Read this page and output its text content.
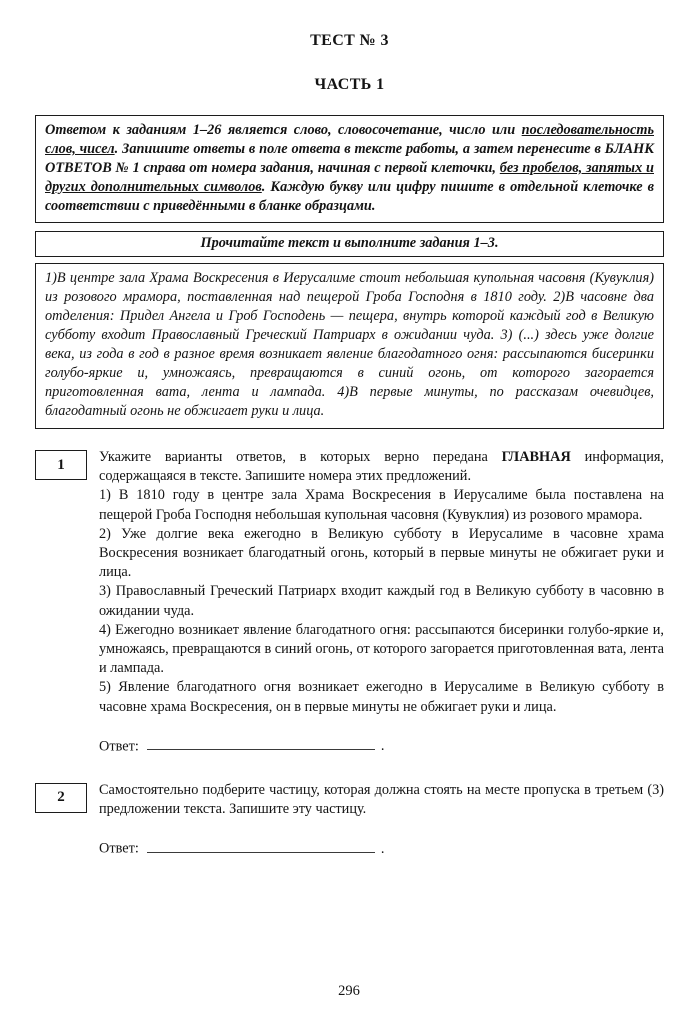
ТЕСТ № 3
ЧАСТЬ 1
Ответом к заданиям 1–26 является слово, словосочетание, число или последовательность слов, чисел. Запишите ответы в поле ответа в тексте работы, а затем перенесите в БЛАНК ОТВЕТОВ № 1 справа от номера задания, начиная с первой клеточки, без пробелов, запятых и других дополнительных символов. Каждую букву или цифру пишите в отдельной клеточке в соответствии с приведёнными в бланке образцами.
Прочитайте текст и выполните задания 1–3.
1)В центре зала Храма Воскресения в Иерусалиме стоит небольшая купольная часовня (Кувуклия) из розового мрамора, поставленная над пещерой Гроба Господня в 1810 году. 2)В часовне два отделения: Придел Ангела и Гроб Господень — пещера, внутрь которой каждый год в Великую субботу входит Православный Греческий Патриарх в ожидании чуда. 3) (...) здесь уже долгие века, из года в год в разное время возникает явление благодатного огня: рассыпаются бисеринки голубо-яркие и, умножаясь, превращаются в синий огонь, от которого загорается приготовленная вата, лента и лампада. 4)В первые минуты, по рассказам очевидцев, благодатный огонь не обжигает руки и лица.
1	Укажите варианты ответов, в которых верно передана ГЛАВНАЯ информация, содержащаяся в тексте. Запишите номера этих предложений.

1) В 1810 году в центре зала Храма Воскресения в Иерусалиме была поставлена на пещерой Гроба Господня небольшая купольная часовня (Кувуклия) из розового мрамора.

2) Уже долгие века ежегодно в Великую субботу в Иерусалиме в часовне храма Воскресения возникает благодатный огонь, который в первые минуты не обжигает руки и лица.

3) Православный Греческий Патриарх входит каждый год в Великую субботу в часовню в ожидании чуда.

4) Ежегодно возникает явление благодатного огня: рассыпаются бисеринки голубо-яркие и, умножаясь, превращаются в синий огонь, от которого загорается приготовленная вата, лента и лампада.

5) Явление благодатного огня возникает ежегодно в Иерусалиме в Великую субботу в часовне храма Воскресения, он в первые минуты не обжигает руки и лица.

Ответ:	.
2	Самостоятельно подберите частицу, которая должна стоять на месте пропуска в третьем (3) предложении текста. Запишите эту частицу.

Ответ:	.
296
